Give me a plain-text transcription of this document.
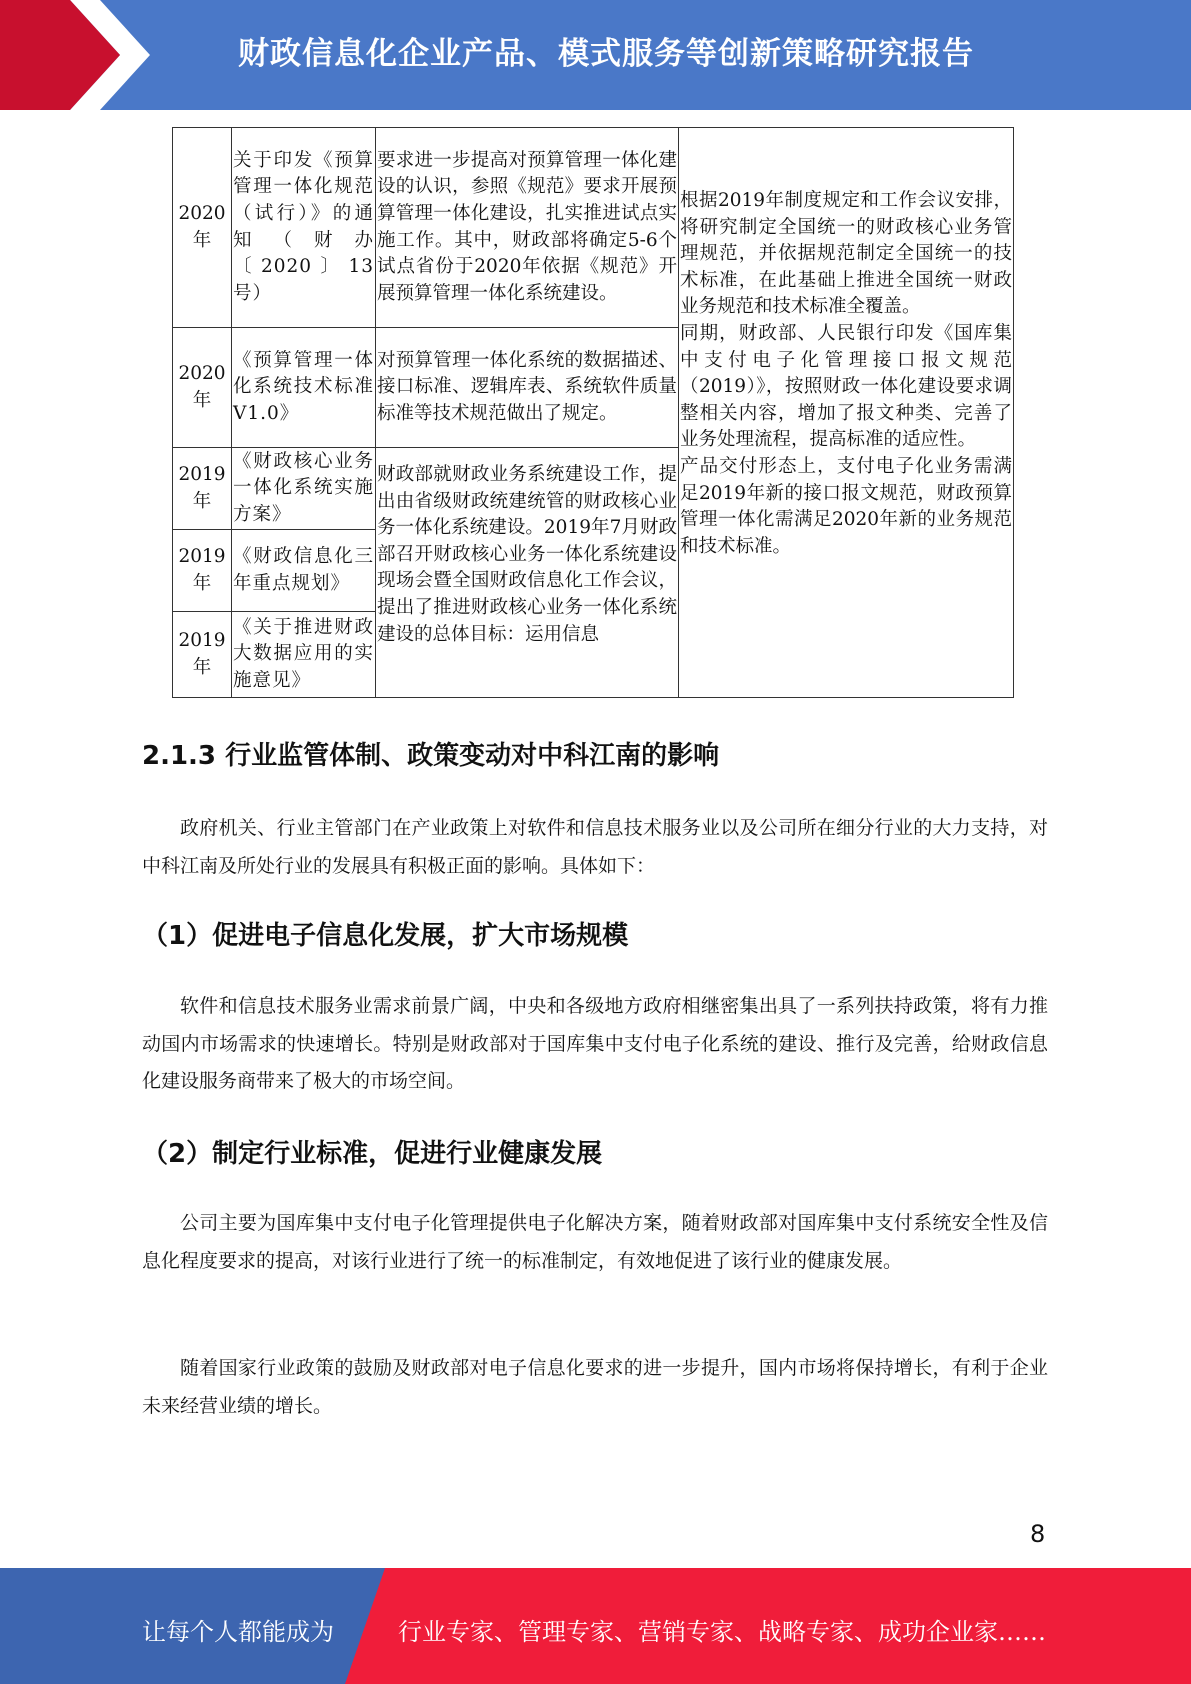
财政信息化企业产品、模式服务等创新策略研究报告
2020年	关于印发《预算管理一体化规范（试行）》的通知（财办〔2020〕13号）	要求进一步提高对预算管理一体化建设的认识，参照《规范》要求开展预算管理一体化建设，扎实推进试点实施工作。其中，财政部将确定5-6个试点省份于2020年依据《规范》开展预算管理一体化系统建设。	根据2019年制度规定和工作会议安排，将研究制定全国统一的财政核心业务管理规范，并依据规范制定全国统一的技术标准，在此基础上推进全国统一财政业务规范和技术标准全覆盖。

同期，财政部、人民银行印发《国库集中支付电子化管理接口报文规范（2019）》，按照财政一体化建设要求调整相关内容，增加了报文种类、完善了业务处理流程，提高标准的适应性。

产品交付形态上，支付电子化业务需满足2019年新的接口报文规范，财政预算管理一体化需满足2020年新的业务规范和技术标准。

2020年	《预算管理一体化系统技术标准V1.0》	对预算管理一体化系统的数据描述、接口标准、逻辑库表、系统软件质量标准等技术规范做出了规定。	
2019年	《财政核心业务一体化系统实施方案》	财政部就财政业务系统建设工作，提出由省级财政统建统管的财政核心业务一体化系统建设。2019年7月财政部召开财政核心业务一体化系统建设现场会暨全国财政信息化工作会议，提出了推进财政核心业务一体化系统建设的总体目标：运用信息	
2019年	《财政信息化三年重点规划》		
2019年	《关于推进财政大数据应用的实施意见》		
2.1.3 行业监管体制、政策变动对中科江南的影响

政府机关、行业主管部门在产业政策上对软件和信息技术服务业以及公司所在细分行业的大力支持，对中科江南及所处行业的发展具有积极正面的影响。具体如下：

（1）促进电子信息化发展，扩大市场规模

软件和信息技术服务业需求前景广阔，中央和各级地方政府相继密集出具了一系列扶持政策，将有力推动国内市场需求的快速增长。特别是财政部对于国库集中支付电子化系统的建设、推行及完善，给财政信息化建设服务商带来了极大的市场空间。

（2）制定行业标准，促进行业健康发展

公司主要为国库集中支付电子化管理提供电子化解决方案，随着财政部对国库集中支付系统安全性及信息化程度要求的提高，对该行业进行了统一的标准制定，有效地促进了该行业的健康发展。

随着国家行业政策的鼓励及财政部对电子信息化要求的进一步提升，国内市场将保持增长，有利于企业未来经营业绩的增长。

8
让每个人都能成为	行业专家、管理专家、营销专家、战略专家、成功企业家……
